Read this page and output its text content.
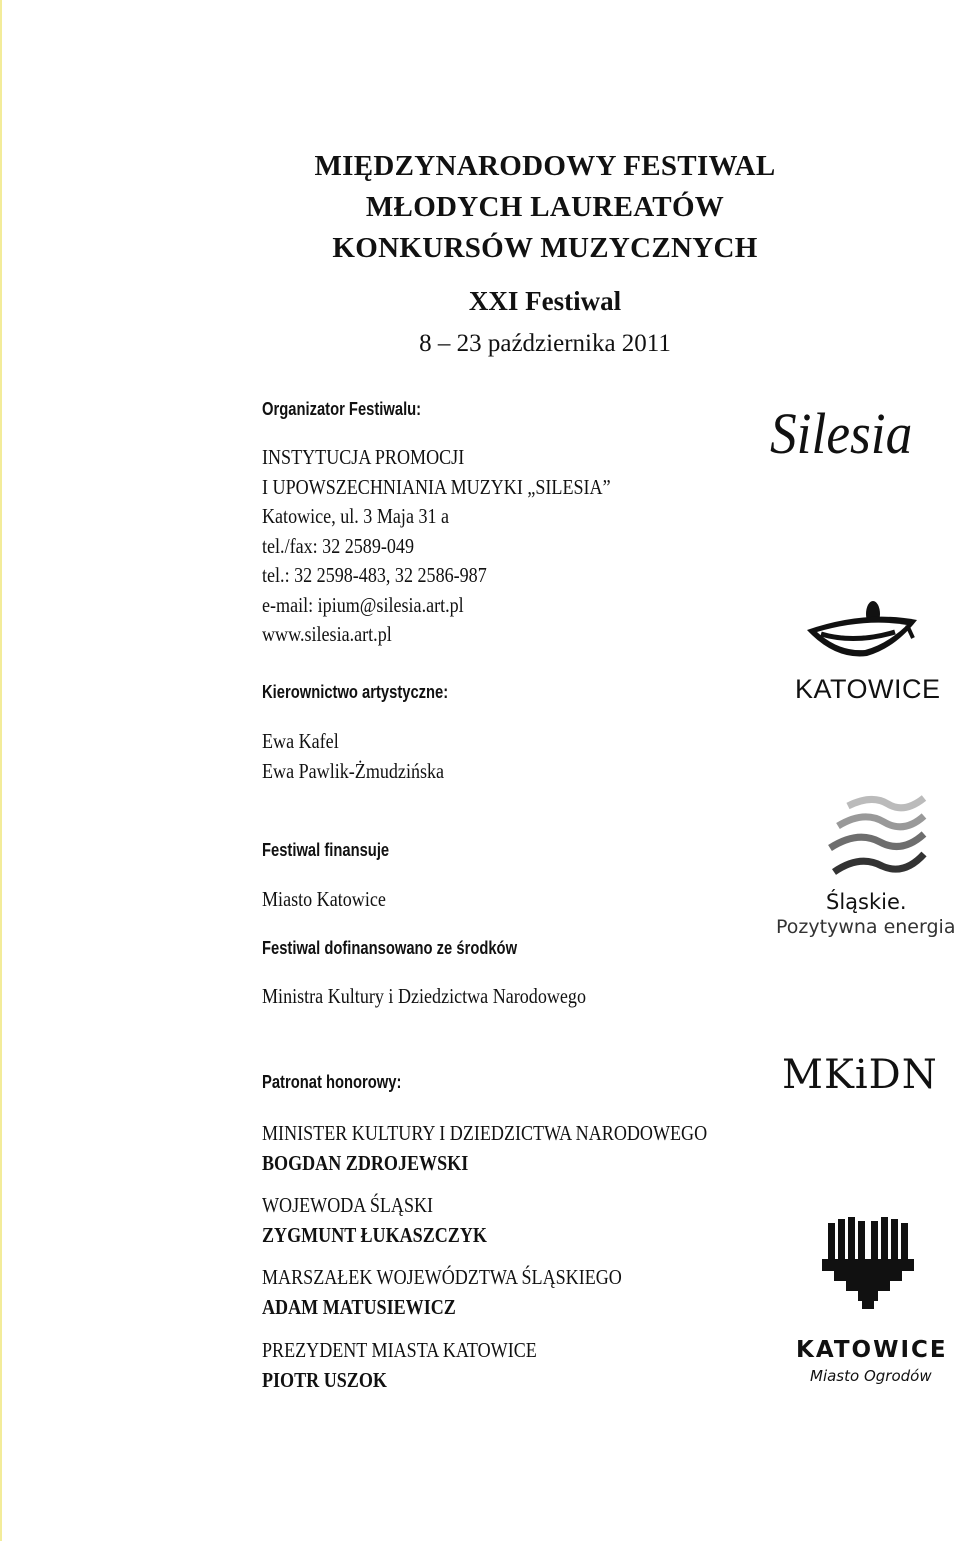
MIĘDZYNARODOWY FESTIWAL
MŁODYCH LAUREATÓW
KONKURSÓW MUZYCZNYCH
XXI Festiwal
8 – 23 października 2011
Organizator Festiwalu:
INSTYTUCJA PROMOCJI
I UPOWSZECHNIANIA MUZYKI „SILESIA”
Katowice, ul. 3 Maja 31 a
tel./fax: 32 2589-049
tel.: 32 2598-483, 32 2586-987
e-mail: ipium@silesia.art.pl
www.silesia.art.pl
Kierownictwo artystyczne:
Ewa Kafel
Ewa Pawlik-Żmudzińska
Festiwal finansuje
Miasto Katowice
Festiwal dofinansowano ze środków
Ministra Kultury i Dziedzictwa Narodowego
Patronat honorowy:
MINISTER KULTURY I DZIEDZICTWA NARODOWEGO
BOGDAN ZDROJEWSKI
WOJEWODA ŚLĄSKI
ZYGMUNT ŁUKASZCZYK
MARSZAŁEK WOJEWÓDZTWA ŚLĄSKIEGO
ADAM MATUSIEWICZ
PREZYDENT MIASTA KATOWICE
PIOTR USZOK
Silesia
KATOWICE
Śląskie.
Pozytywna energia
MKiDN
KATOWICE
Miasto Ogrodów
